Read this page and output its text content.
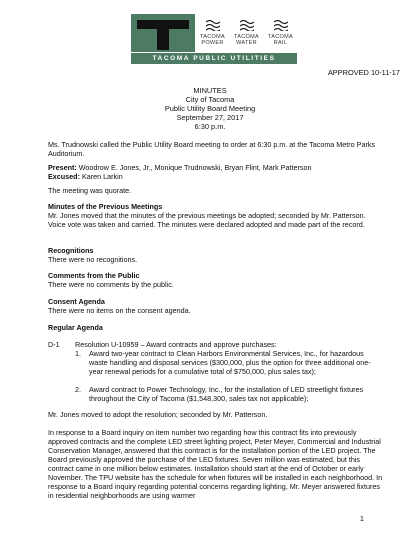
TACOMA POWER
TACOMA WATER
TACOMA RAIL
TACOMA PUBLIC UTILITIES
APPROVED 10-11-17
MINUTES
City of Tacoma
Public Utility Board Meeting
September 27, 2017
6:30 p.m.
Ms. Trudnowski called the Public Utility Board meeting to order at 6:30 p.m. at the Tacoma Metro Parks Auditorium.
Present: Woodrow E. Jones, Jr., Monique Trudnowski, Bryan Flint, Mark Patterson
Excused: Karen Larkin
The meeting was quorate.
Minutes of the Previous Meetings
Mr. Jones moved that the minutes of the previous meetings be adopted; seconded by Mr. Patterson. Voice vote was taken and carried. The minutes were declared adopted and made part of the record.
Recognitions
There were no recognitions.
Comments from the Public
There were no comments by the public.
Consent Agenda
There were no items on the consent agenda.
Regular Agenda
D-1 Resolution U-10959 – Award contracts and approve purchases:
1. Award two-year contract to Clean Harbors Environmental Services, Inc., for hazardous waste handling and disposal services ($300,000, plus the option for three additional one-year renewal periods for a cumulative total of $750,000, plus sales tax);
2. Award contract to Power Technology, Inc., for the installation of LED streetlight fixtures throughout the City of Tacoma ($1,548,300, sales tax not applicable);
Mr. Jones moved to adopt the resolution; seconded by Mr. Patterson.
In response to a Board inquiry on item number two regarding how this contract fits into previously approved contracts and the complete LED street lighting project, Peter Meyer, Commercial and Industrial Conservation Manager, answered that this contract is for the installation portion of the LED project. The Board previously approved the purchase of the LED fixtures. Seven million was estimated, but this contract came in one million below estimates. Installation should start at the end of October or early November. The TPU website has the schedule for when fixtures will be installed in each neighborhood. In response to a Board inquiry regarding potential concerns regarding lighting, Mr. Meyer answered fixtures in residential neighborhoods are using warmer
1
